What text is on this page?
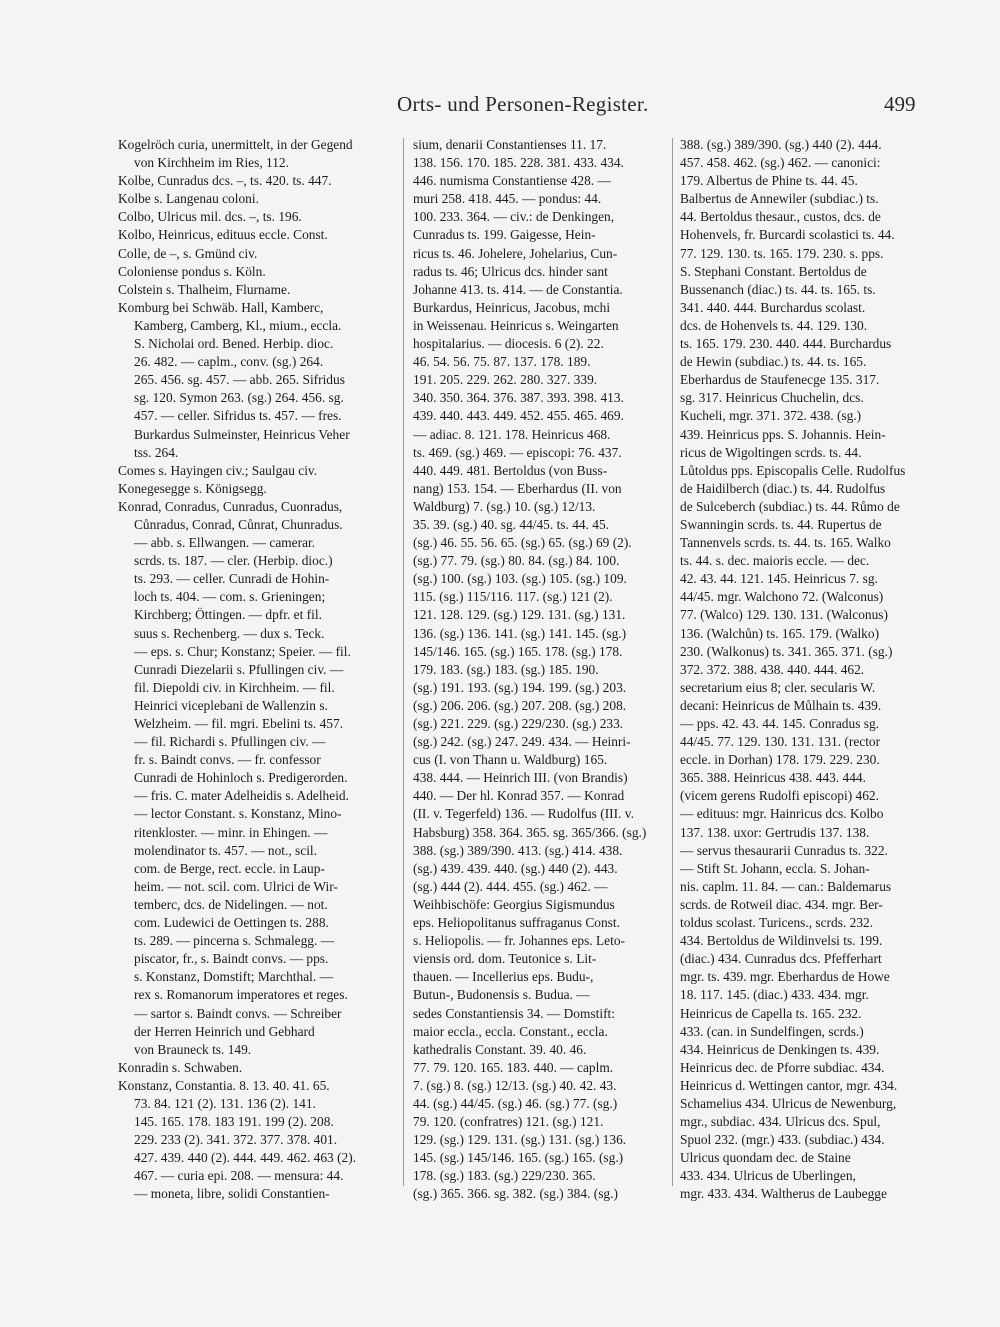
Orts- und Personen-Register.	499
Kogelröch curia, unermittelt, in der Gegend
von Kirchheim im Ries, 112.
Kolbe, Cunradus dcs. –, ts. 420. ts. 447.
Kolbe s. Langenau coloni.
Colbo, Ulricus mil. dcs. –, ts. 196.
Kolbo, Heinricus, edituus eccle. Const.
Colle, de –, s. Gmünd civ.
Coloniense pondus s. Köln.
Colstein s. Thalheim, Flurname.
Komburg bei Schwäb. Hall, Kamberc,
Kamberg, Camberg, Kl., mium., eccla.
S. Nicholai ord. Bened. Herbip. dioc.
26. 482. — caplm., conv. (sg.) 264.
265. 456. sg. 457. — abb. 265. Sifridus
sg. 120. Symon 263. (sg.) 264. 456. sg.
457. — celler. Sifridus ts. 457. — fres.
Burkardus Sulmeinster, Heinricus Veher
tss. 264.
Comes s. Hayingen civ.; Saulgau civ.
Konegesegge s. Königsegg.
Konrad, Conradus, Cunradus, Cuonradus,
Cůnradus, Conrad, Cůnrat, Chunradus.
— abb. s. Ellwangen. — camerar.
scrds. ts. 187. — cler. (Herbip. dioc.)
ts. 293. — celler. Cunradi de Hohin-
loch ts. 404. — com. s. Grieningen;
Kirchberg; Öttingen. — dpfr. et fil.
suus s. Rechenberg. — dux s. Teck.
— eps. s. Chur; Konstanz; Speier. — fil.
Cunradi Diezelarii s. Pfullingen civ. —
fil. Diepoldi civ. in Kirchheim. — fil.
Heinrici viceplebani de Wallenzin s.
Welzheim. — fil. mgri. Ebelini ts. 457.
— fil. Richardi s. Pfullingen civ. —
fr. s. Baindt convs. — fr. confessor
Cunradi de Hohinloch s. Predigerorden.
— fris. C. mater Adelheidis s. Adelheid.
— lector Constant. s. Konstanz, Mino-
ritenkloster. — minr. in Ehingen. —
molendinator ts. 457. — not., scil.
com. de Berge, rect. eccle. in Laup-
heim. — not. scil. com. Ulrici de Wir-
temberc, dcs. de Nidelingen. — not.
com. Ludewici de Oettingen ts. 288.
ts. 289. — pincerna s. Schmalegg. —
piscator, fr., s. Baindt convs. — pps.
s. Konstanz, Domstift; Marchthal. —
rex s. Romanorum imperatores et reges.
— sartor s. Baindt convs. — Schreiber
der Herren Heinrich und Gebhard
von Brauneck ts. 149.
Konradin s. Schwaben.
Konstanz, Constantia. 8. 13. 40. 41. 65.
73. 84. 121 (2). 131. 136 (2). 141.
145. 165. 178. 183 191. 199 (2). 208.
229. 233 (2). 341. 372. 377. 378. 401.
427. 439. 440 (2). 444. 449. 462. 463 (2).
467. — curia epi. 208. — mensura: 44.
— moneta, libre, solidi Constantien-
sium, denarii Constantienses 11. 17.
138. 156. 170. 185. 228. 381. 433. 434.
446. numisma Constantiense 428. —
muri 258. 418. 445. — pondus: 44.
100. 233. 364. — civ.: de Denkingen,
Cunradus ts. 199. Gaigesse, Hein-
ricus ts. 46. Johelere, Johelarius, Cun-
radus ts. 46; Ulricus dcs. hinder sant
Johanne 413. ts. 414. — de Constantia.
Burkardus, Heinricus, Jacobus, mchi
in Weissenau. Heinricus s. Weingarten
hospitalarius. — diocesis. 6 (2). 22.
46. 54. 56. 75. 87. 137. 178. 189.
191. 205. 229. 262. 280. 327. 339.
340. 350. 364. 376. 387. 393. 398. 413.
439. 440. 443. 449. 452. 455. 465. 469.
— adiac. 8. 121. 178. Heinricus 468.
ts. 469. (sg.) 469. — episcopi: 76. 437.
440. 449. 481. Bertoldus (von Buss-
nang) 153. 154. — Eberhardus (II. von
Waldburg) 7. (sg.) 10. (sg.) 12/13.
35. 39. (sg.) 40. sg. 44/45. ts. 44. 45.
(sg.) 46. 55. 56. 65. (sg.) 65. (sg.) 69 (2).
(sg.) 77. 79. (sg.) 80. 84. (sg.) 84. 100.
(sg.) 100. (sg.) 103. (sg.) 105. (sg.) 109.
115. (sg.) 115/116. 117. (sg.) 121 (2).
121. 128. 129. (sg.) 129. 131. (sg.) 131.
136. (sg.) 136. 141. (sg.) 141. 145. (sg.)
145/146. 165. (sg.) 165. 178. (sg.) 178.
179. 183. (sg.) 183. (sg.) 185. 190.
(sg.) 191. 193. (sg.) 194. 199. (sg.) 203.
(sg.) 206. 206. (sg.) 207. 208. (sg.) 208.
(sg.) 221. 229. (sg.) 229/230. (sg.) 233.
(sg.) 242. (sg.) 247. 249. 434. — Heinri-
cus (I. von Thann u. Waldburg) 165.
438. 444. — Heinrich III. (von Brandis)
440. — Der hl. Konrad 357. — Konrad
(II. v. Tegerfeld) 136. — Rudolfus (III. v.
Habsburg) 358. 364. 365. sg. 365/366. (sg.)
388. (sg.) 389/390. 413. (sg.) 414. 438.
(sg.) 439. 439. 440. (sg.) 440 (2). 443.
(sg.) 444 (2). 444. 455. (sg.) 462. —
Weihbischöfe: Georgius Sigismundus
eps. Heliopolitanus suffraganus Const.
s. Heliopolis. — fr. Johannes eps. Leto-
viensis ord. dom. Teutonice s. Lit-
thauen. — Incellerius eps. Budu-,
Butun-, Budonensis s. Budua. —
sedes Constantiensis 34. — Domstift:
maior eccla., eccla. Constant., eccla.
kathedralis Constant. 39. 40. 46.
77. 79. 120. 165. 183. 440. — caplm.
7. (sg.) 8. (sg.) 12/13. (sg.) 40. 42. 43.
44. (sg.) 44/45. (sg.) 46. (sg.) 77. (sg.)
79. 120. (confratres) 121. (sg.) 121.
129. (sg.) 129. 131. (sg.) 131. (sg.) 136.
145. (sg.) 145/146. 165. (sg.) 165. (sg.)
178. (sg.) 183. (sg.) 229/230. 365.
(sg.) 365. 366. sg. 382. (sg.) 384. (sg.)
388. (sg.) 389/390. (sg.) 440 (2). 444.
457. 458. 462. (sg.) 462. — canonici:
179. Albertus de Phine ts. 44. 45.
Balbertus de Annewiler (subdiac.) ts.
44. Bertoldus thesaur., custos, dcs. de
Hohenvels, fr. Burcardi scolastici ts. 44.
77. 129. 130. ts. 165. 179. 230. s. pps.
S. Stephani Constant. Bertoldus de
Bussenanch (diac.) ts. 44. ts. 165. ts.
341. 440. 444. Burchardus scolast.
dcs. de Hohenvels ts. 44. 129. 130.
ts. 165. 179. 230. 440. 444. Burchardus
de Hewin (subdiac.) ts. 44. ts. 165.
Eberhardus de Staufenecge 135. 317.
sg. 317. Heinricus Chuchelin, dcs.
Kucheli, mgr. 371. 372. 438. (sg.)
439. Heinricus pps. S. Johannis. Hein-
ricus de Wigoltingen scrds. ts. 44.
Lůtoldus pps. Episcopalis Celle. Rudolfus
de Haidilberch (diac.) ts. 44. Rudolfus
de Sulceberch (subdiac.) ts. 44. Růmo de
Swanningin scrds. ts. 44. Rupertus de
Tannenvels scrds. ts. 44. ts. 165. Walko
ts. 44. s. dec. maioris eccle. — dec.
42. 43. 44. 121. 145. Heinricus 7. sg.
44/45. mgr. Walchono 72. (Walconus)
77. (Walco) 129. 130. 131. (Walconus)
136. (Walchůn) ts. 165. 179. (Walko)
230. (Walkonus) ts. 341. 365. 371. (sg.)
372. 372. 388. 438. 440. 444. 462.
secretarium eius 8; cler. secularis W.
decani: Heinricus de Můlhain ts. 439.
— pps. 42. 43. 44. 145. Conradus sg.
44/45. 77. 129. 130. 131. 131. (rector
eccle. in Dorhan) 178. 179. 229. 230.
365. 388. Heinricus 438. 443. 444.
(vicem gerens Rudolfi episcopi) 462.
— edituus: mgr. Hainricus dcs. Kolbo
137. 138. uxor: Gertrudis 137. 138.
— servus thesaurarii Cunradus ts. 322.
— Stift St. Johann, eccla. S. Johan-
nis. caplm. 11. 84. — can.: Baldemarus
scrds. de Rotweil diac. 434. mgr. Ber-
toldus scolast. Turicens., scrds. 232.
434. Bertoldus de Wildinvelsi ts. 199.
(diac.) 434. Cunradus dcs. Pfefferhart
mgr. ts. 439. mgr. Eberhardus de Howe
18. 117. 145. (diac.) 433. 434. mgr.
Heinricus de Capella ts. 165. 232.
433. (can. in Sundelfingen, scrds.)
434. Heinricus de Denkingen ts. 439.
Heinricus dec. de Pforre subdiac. 434.
Heinricus d. Wettingen cantor, mgr. 434.
Schamelius 434. Ulricus de Newenburg,
mgr., subdiac. 434. Ulricus dcs. Spul,
Spuol 232. (mgr.) 433. (subdiac.) 434.
Ulricus quondam dec. de Staine
433. 434. Ulricus de Uberlingen,
mgr. 433. 434. Waltherus de Laubegge
